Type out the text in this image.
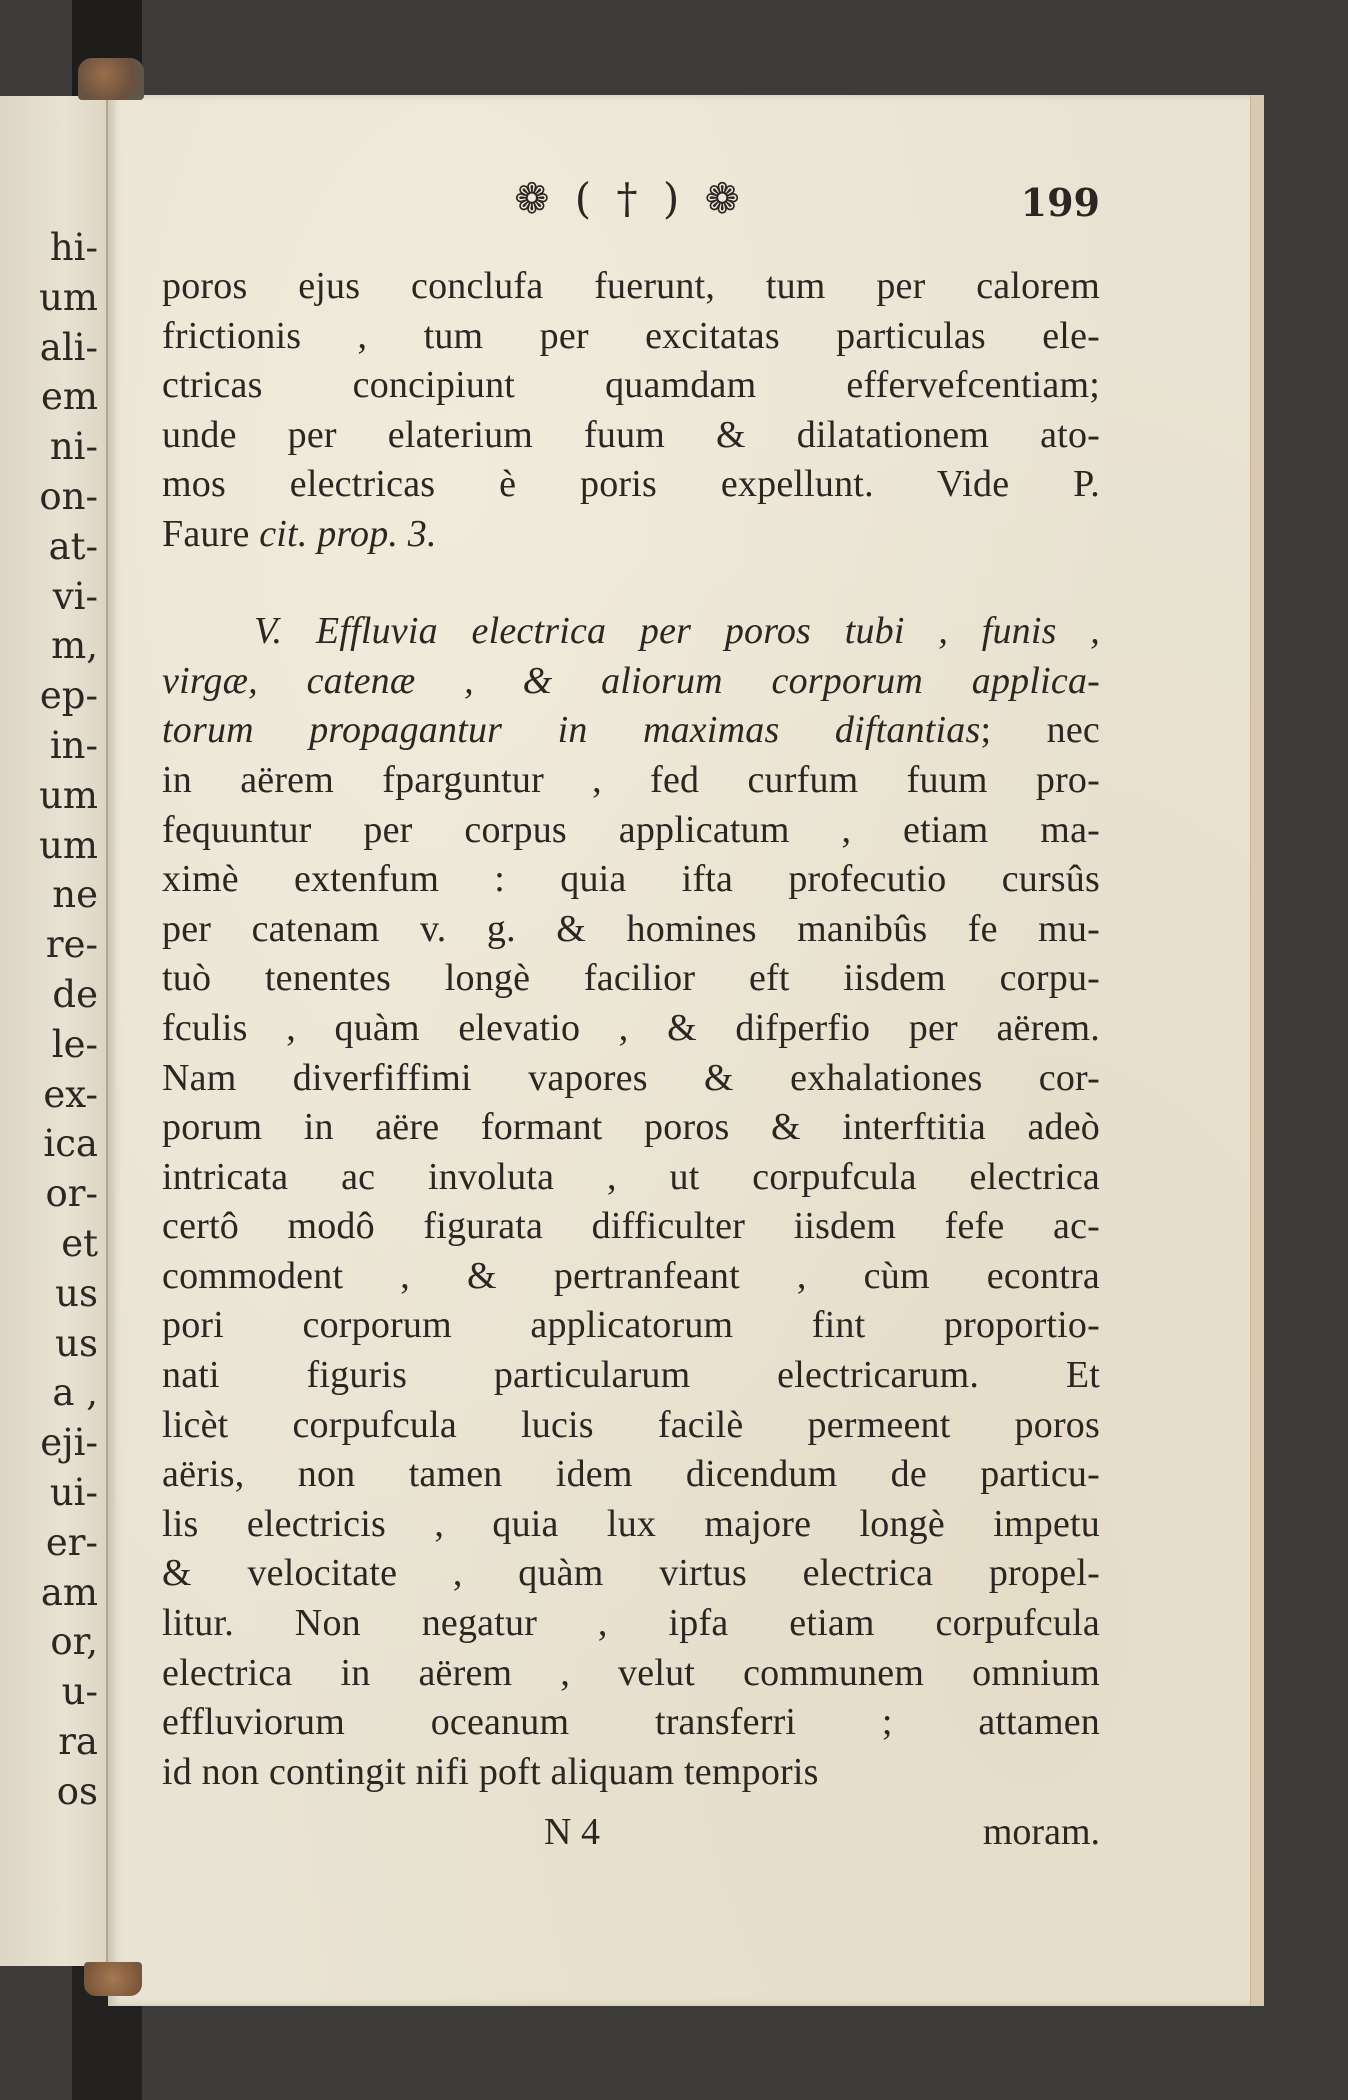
hi-
um
ali-
em
ni-
on-
at-
vi-
m,
ep-
in-
um
um
ne
re-
de
le-
ex-
ica
or-
et
us
us
a ,
eji-
ui-
er-
am
or,
u-
ra
os
❁ ( † ) ❁	199
poros ejus conclufa fuerunt, tum per calorem
frictionis , tum per excitatas particulas ele-
ctricas concipiunt quamdam effervefcentiam;
unde per elaterium fuum & dilatationem ato-
mos electricas è poris expellunt. Vide P.
Faure cit. prop. 3.
V. Effluvia electrica per poros tubi , funis ,
virgæ, catenæ , & aliorum corporum applica-
torum propagantur in maximas diftantias; nec
in aërem fparguntur , fed curfum fuum pro-
fequuntur per corpus applicatum , etiam ma-
ximè extenfum : quia ifta profecutio cursûs
per catenam v. g. & homines manibûs fe mu-
tuò tenentes longè facilior eft iisdem corpu-
fculis , quàm elevatio , & difperfio per aërem.
Nam diverfiffimi vapores & exhalationes cor-
porum in aëre formant poros & interftitia adeò
intricata ac involuta , ut corpufcula electrica
certô modô figurata difficulter iisdem fefe ac-
commodent , & pertranfeant , cùm econtra
pori corporum applicatorum fint proportio-
nati figuris particularum electricarum. Et
licèt corpufcula lucis facilè permeent poros
aëris, non tamen idem dicendum de particu-
lis electricis , quia lux majore longè impetu
& velocitate , quàm virtus electrica propel-
litur. Non negatur , ipfa etiam corpufcula
electrica in aërem , velut communem omnium
effluviorum oceanum transferri ; attamen
id non contingit nifi poft aliquam temporis
N 4	moram.
